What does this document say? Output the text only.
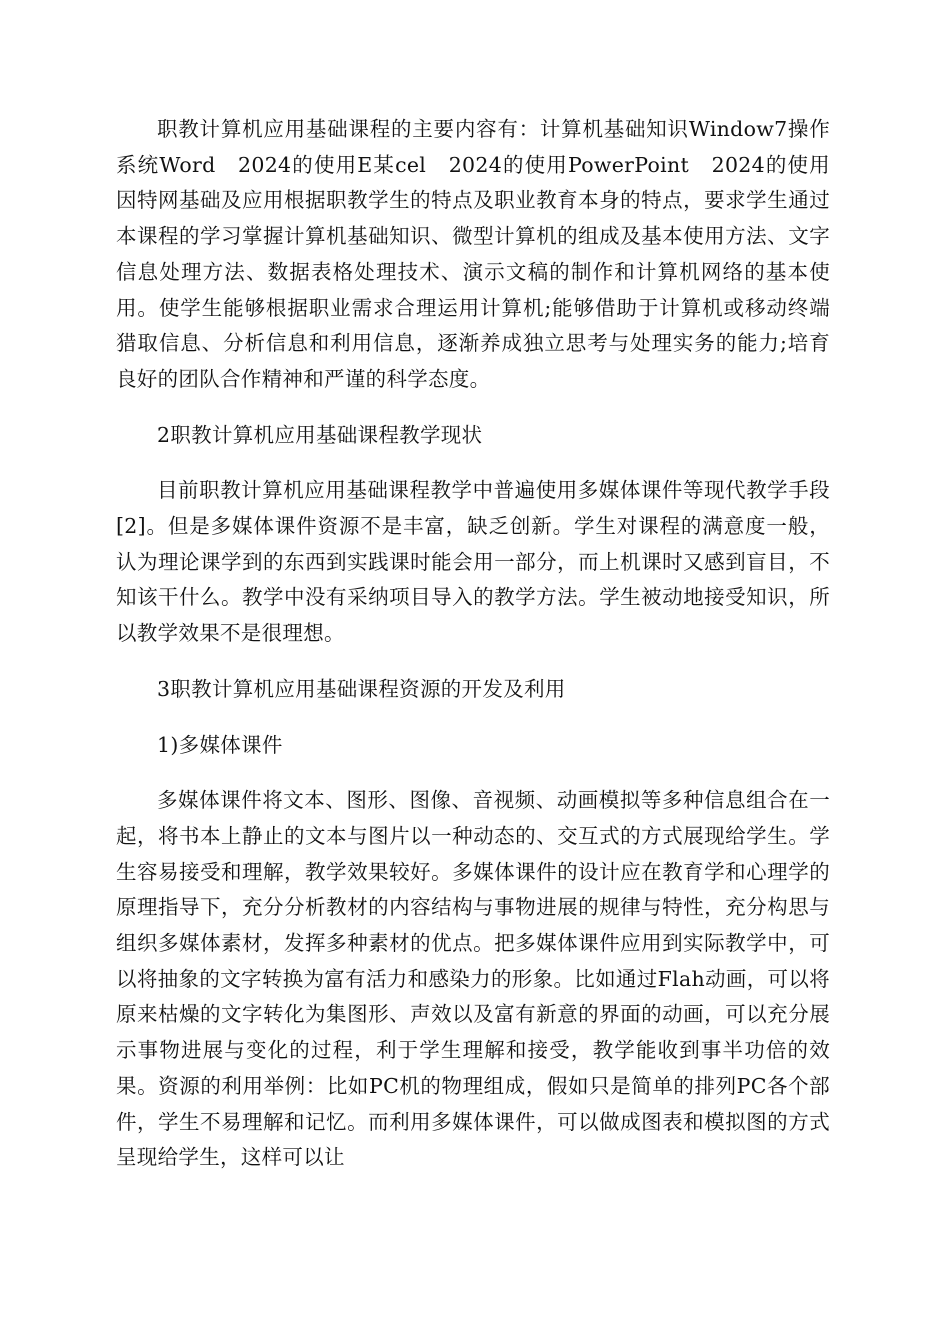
职教计算机应用基础课程的主要内容有：计算机基础知识Window7操作系统Word　2024的使用E某cel　2024的使用PowerPoint　2024的使用因特网基础及应用根据职教学生的特点及职业教育本身的特点，要求学生通过本课程的学习掌握计算机基础知识、微型计算机的组成及基本使用方法、文字信息处理方法、数据表格处理技术、演示文稿的制作和计算机网络的基本使用。使学生能够根据职业需求合理运用计算机;能够借助于计算机或移动终端猎取信息、分析信息和利用信息，逐渐养成独立思考与处理实务的能力;培育良好的团队合作精神和严谨的科学态度。

2职教计算机应用基础课程教学现状

目前职教计算机应用基础课程教学中普遍使用多媒体课件等现代教学手段[2]。但是多媒体课件资源不是丰富，缺乏创新。学生对课程的满意度一般，认为理论课学到的东西到实践课时能会用一部分，而上机课时又感到盲目，不知该干什么。教学中没有采纳项目导入的教学方法。学生被动地接受知识，所以教学效果不是很理想。

3职教计算机应用基础课程资源的开发及利用

1)多媒体课件

多媒体课件将文本、图形、图像、音视频、动画模拟等多种信息组合在一起，将书本上静止的文本与图片以一种动态的、交互式的方式展现给学生。学生容易接受和理解，教学效果较好。多媒体课件的设计应在教育学和心理学的原理指导下，充分分析教材的内容结构与事物进展的规律与特性，充分构思与组织多媒体素材，发挥多种素材的优点。把多媒体课件应用到实际教学中，可以将抽象的文字转换为富有活力和感染力的形象。比如通过Flah动画，可以将原来枯燥的文字转化为集图形、声效以及富有新意的界面的动画，可以充分展示事物进展与变化的过程，利于学生理解和接受，教学能收到事半功倍的效果。资源的利用举例：比如PC机的物理组成，假如只是简单的排列PC各个部件，学生不易理解和记忆。而利用多媒体课件，可以做成图表和模拟图的方式呈现给学生，这样可以让
